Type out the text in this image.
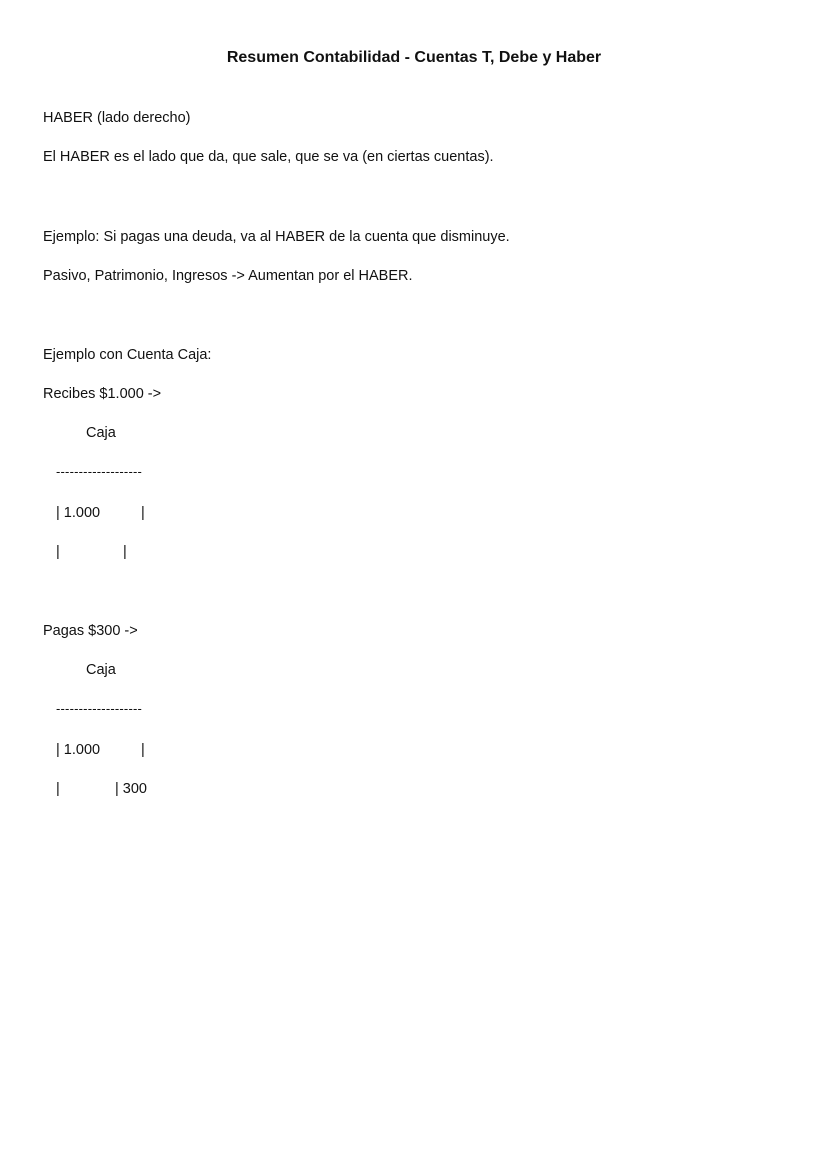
Resumen Contabilidad - Cuentas T, Debe y Haber
HABER (lado derecho)
El HABER es el lado que da, que sale, que se va (en ciertas cuentas).
Ejemplo: Si pagas una deuda, va al HABER de la cuenta que disminuye.
Pasivo, Patrimonio, Ingresos -> Aumentan por el HABER.
Ejemplo con Cuenta Caja:
Recibes $1.000 ->
Caja
-------------------
| 1.000	|
|	|
Pagas $300 ->
Caja
-------------------
| 1.000	|
|	| 300
